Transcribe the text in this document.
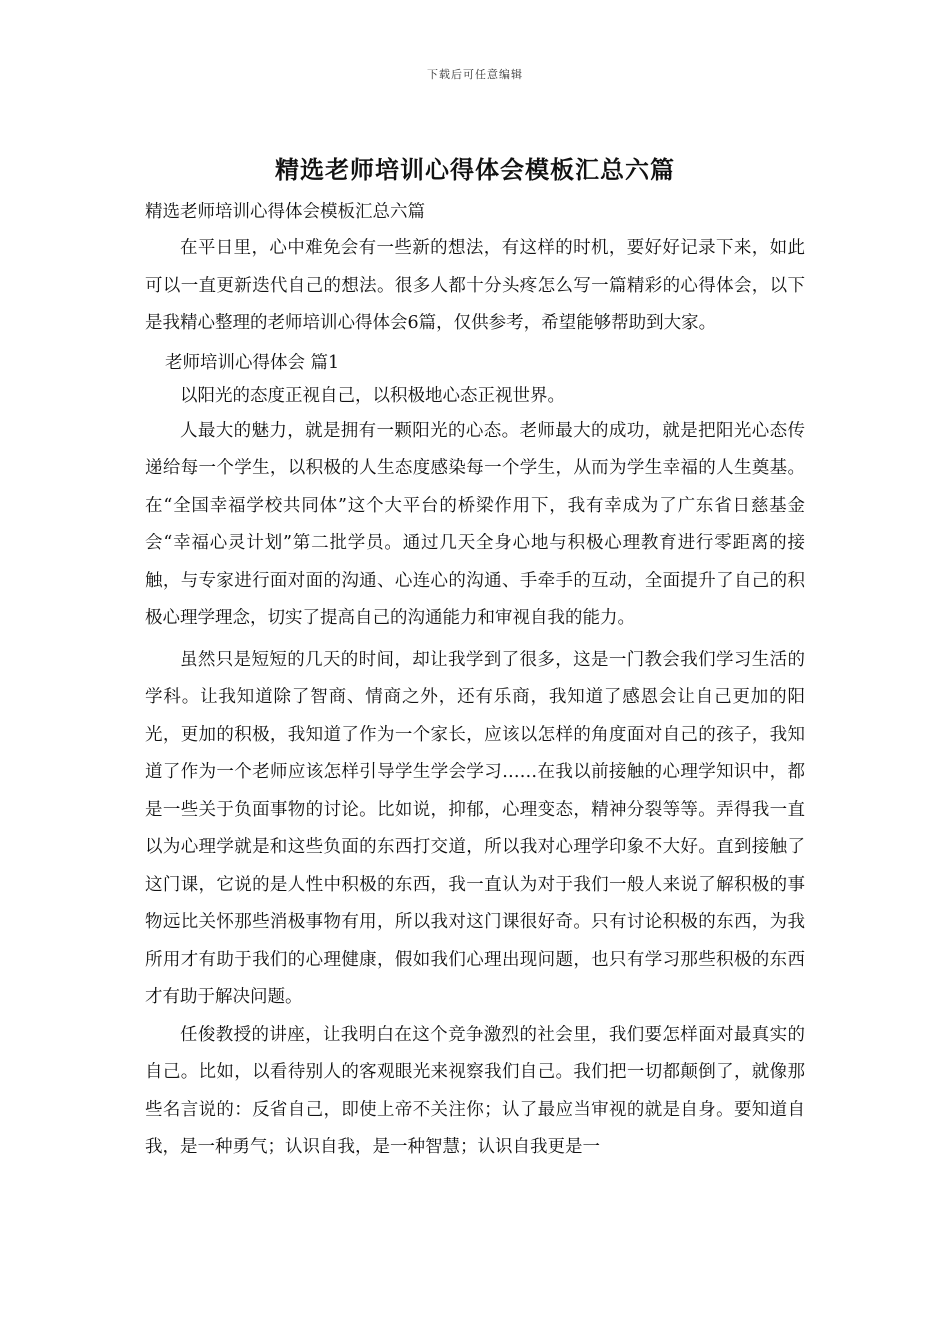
下载后可任意编辑
精选老师培训心得体会模板汇总六篇

精选老师培训心得体会模板汇总六篇

在平日里，心中难免会有一些新的想法，有这样的时机，要好好记录下来，如此可以一直更新迭代自己的想法。很多人都十分头疼怎么写一篇精彩的心得体会，以下是我精心整理的老师培训心得体会6篇，仅供参考，希望能够帮助到大家。

老师培训心得体会 篇1

以阳光的态度正视自己，以积极地心态正视世界。

人最大的魅力，就是拥有一颗阳光的心态。老师最大的成功，就是把阳光心态传递给每一个学生，以积极的人生态度感染每一个学生，从而为学生幸福的人生奠基。在“全国幸福学校共同体”这个大平台的桥梁作用下，我有幸成为了广东省日慈基金会“幸福心灵计划”第二批学员。通过几天全身心地与积极心理教育进行零距离的接触，与专家进行面对面的沟通、心连心的沟通、手牵手的互动，全面提升了自己的积极心理学理念，切实了提高自己的沟通能力和审视自我的能力。

虽然只是短短的几天的时间，却让我学到了很多，这是一门教会我们学习生活的学科。让我知道除了智商、情商之外，还有乐商，我知道了感恩会让自己更加的阳光，更加的积极，我知道了作为一个家长，应该以怎样的角度面对自己的孩子，我知道了作为一个老师应该怎样引导学生学会学习……在我以前接触的心理学知识中，都是一些关于负面事物的讨论。比如说，抑郁，心理变态，精神分裂等等。弄得我一直以为心理学就是和这些负面的东西打交道，所以我对心理学印象不大好。直到接触了这门课，它说的是人性中积极的东西，我一直认为对于我们一般人来说了解积极的事物远比关怀那些消极事物有用，所以我对这门课很好奇。只有讨论积极的东西，为我所用才有助于我们的心理健康，假如我们心理出现问题，也只有学习那些积极的东西才有助于解决问题。

任俊教授的讲座，让我明白在这个竞争激烈的社会里，我们要怎样面对最真实的自己。比如，以看待别人的客观眼光来视察我们自己。我们把一切都颠倒了，就像那些名言说的：反省自己，即使上帝不关注你；认了最应当审视的就是自身。要知道自我，是一种勇气；认识自我，是一种智慧；认识自我更是一
